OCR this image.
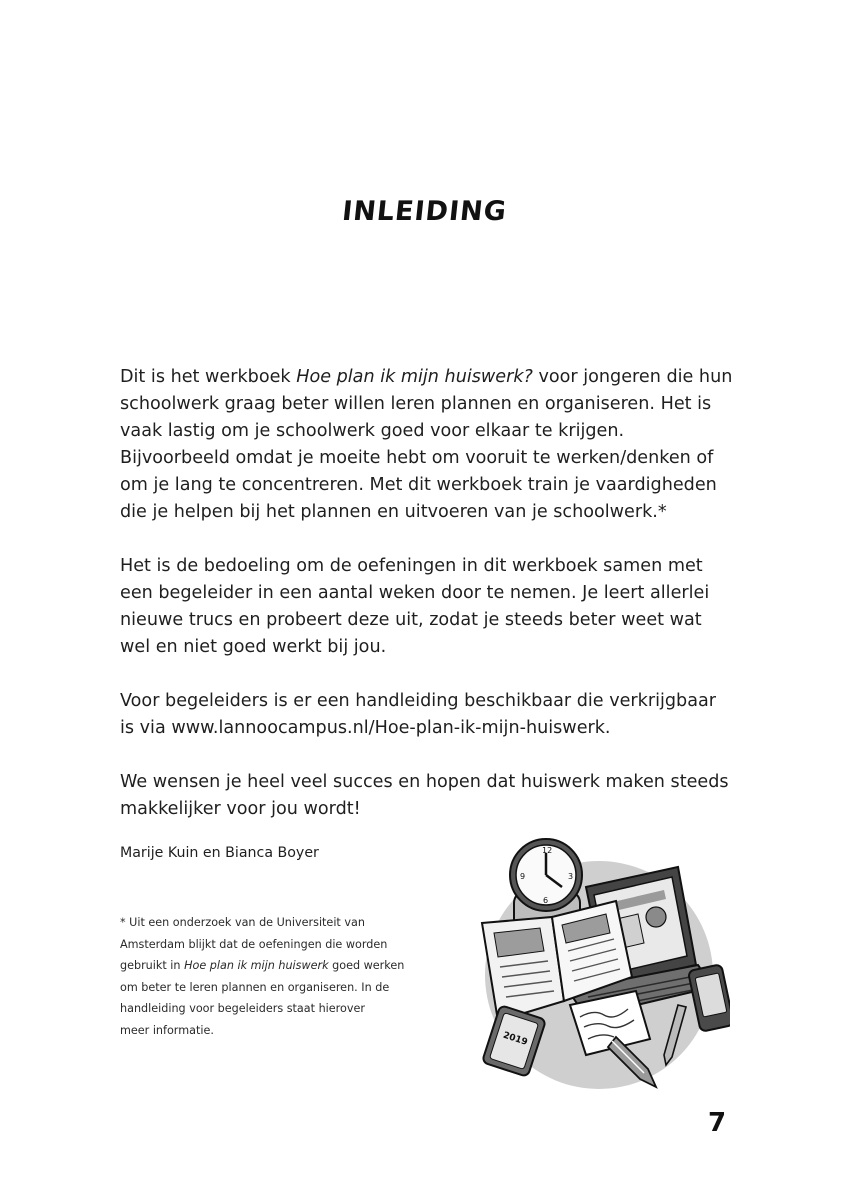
INLEIDING

Dit is het werkboek Hoe plan ik mijn huiswerk? voor jongeren die hun
schoolwerk graag beter willen leren plannen en organiseren. Het is
vaak lastig om je schoolwerk goed voor elkaar te krijgen.
Bijvoorbeeld omdat je moeite hebt om vooruit te werken/denken of
om je lang te concentreren. Met dit werkboek train je vaardigheden
die je helpen bij het plannen en uitvoeren van je schoolwerk.*

Het is de bedoeling om de oefeningen in dit werkboek samen met
een begeleider in een aantal weken door te nemen. Je leert allerlei
nieuwe trucs en probeert deze uit, zodat je steeds beter weet wat
wel en niet goed werkt bij jou.

Voor begeleiders is er een handleiding beschikbaar die verkrijgbaar
is via www.lannoocampus.nl/Hoe-plan-ik-mijn-huiswerk.

We wensen je heel veel succes en hopen dat huiswerk maken steeds
makkelijker voor jou wordt!

Marije Kuin en Bianca Boyer
* Uit een onderzoek van de Universiteit van
Amsterdam blijkt dat de oefeningen die worden
gebruikt in Hoe plan ik mijn huiswerk goed werken
om beter te leren plannen en organiseren. In de
handleiding voor begeleiders staat hierover
meer informatie.
12
3
6
9
2019
7
